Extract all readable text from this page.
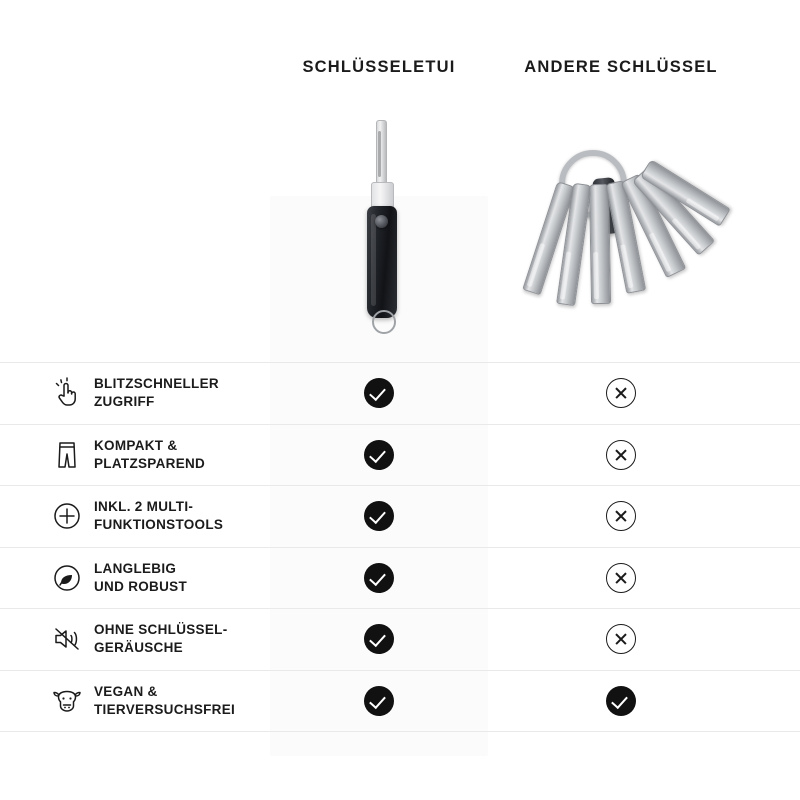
SCHLÜSSELETUI	ANDERE SCHLÜSSEL
BLITZSCHNELLER
ZUGRIFF
KOMPAKT &
PLATZSPAREND
INKL. 2 MULTI-
FUNKTIONSTOOLS
LANGLEBIG
UND ROBUST
OHNE SCHLÜSSEL-
GERÄUSCHE
VEGAN &
TIERVERSUCHSFREI
